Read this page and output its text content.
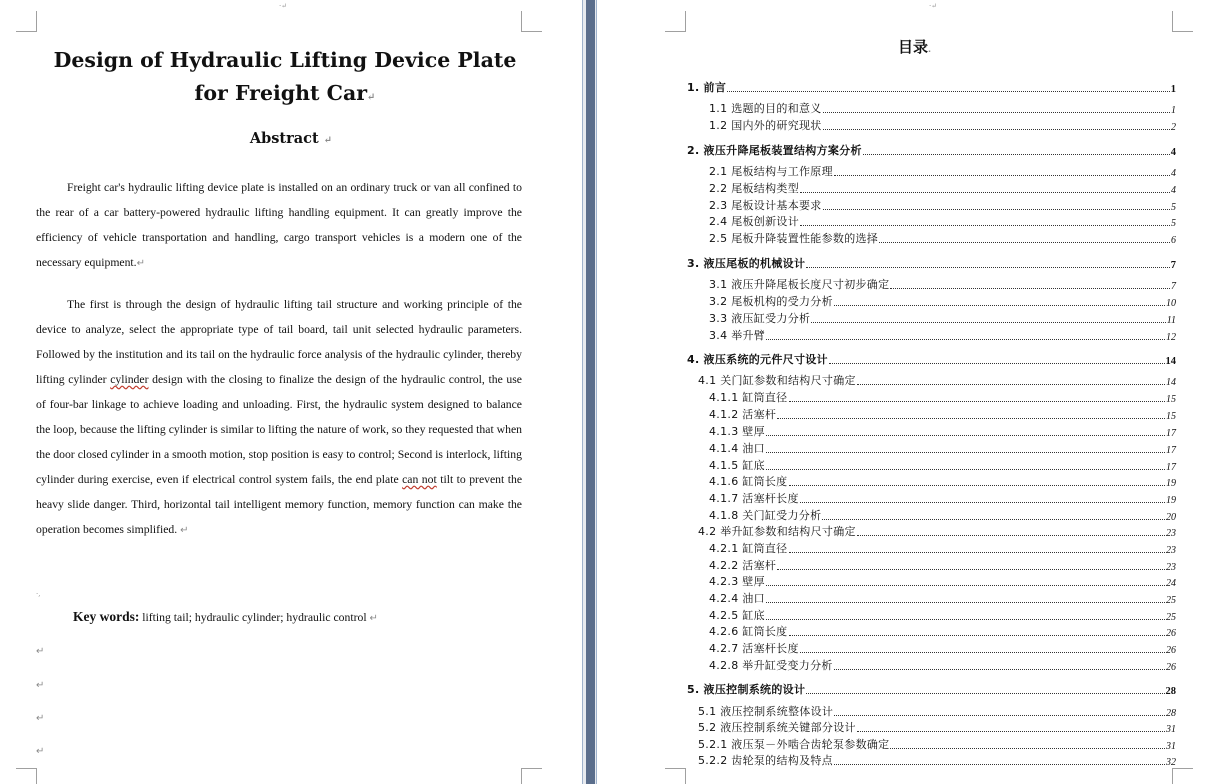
·↵
Design of Hydraulic Lifting Device Plate for Freight Car↵
Abstract ↵
Freight car's hydraulic lifting device plate is installed on an ordinary truck or van all confined to the rear of a car battery-powered hydraulic lifting handling equipment. It can greatly improve the efficiency of vehicle transportation and handling, cargo transport vehicles is a modern one of the necessary equipment.↵
The first is through the design of hydraulic lifting tail structure and working principle of the device to analyze, select the appropriate type of tail board, tail unit selected hydraulic parameters. Followed by the institution and its tail on the hydraulic force analysis of the hydraulic cylinder, thereby lifting cylinder cylinder design with the closing to finalize the design of the hydraulic control, the use of four-bar linkage to achieve loading and unloading. First, the hydraulic system designed to balance the loop, because the lifting cylinder is similar to lifting the nature of work, so they requested that when the door closed cylinder in a smooth motion, stop position is easy to control; Second is interlock, lifting cylinder during exercise, even if electrical control system fails, the end plate can not tilt to prevent the heavy slide danger. Third, horizontal tail intelligent memory function, memory function can make the operation becomes simplified. ↵
·,
Key words: lifting tail; hydraulic cylinder; hydraulic control ↵
↵
↵
↵
↵
·↵
目录.
1. 前言	1
1.1 选题的目的和意义	1
1.2 国内外的研究现状	2
2. 液压升降尾板装置结构方案分析	4
2.1 尾板结构与工作原理	4
2.2 尾板结构类型	4
2.3 尾板设计基本要求	5
2.4 尾板创新设计	5
2.5 尾板升降装置性能参数的选择	6
3. 液压尾板的机械设计	7
3.1 液压升降尾板长度尺寸初步确定	7
3.2 尾板机构的受力分析	10
3.3 液压缸受力分析	11
3.4 举升臂	12
4. 液压系统的元件尺寸设计	14
4.1 关门缸参数和结构尺寸确定	14
4.1.1 缸筒直径	15
4.1.2 活塞杆	15
4.1.3 壁厚	17
4.1.4 油口	17
4.1.5 缸底	17
4.1.6 缸筒长度	19
4.1.7 活塞杆长度	19
4.1.8 关门缸受力分析	20
4.2 举升缸参数和结构尺寸确定	23
4.2.1 缸筒直径	23
4.2.2 活塞杆	23
4.2.3 壁厚	24
4.2.4 油口	25
4.2.5 缸底	25
4.2.6 缸筒长度	26
4.2.7 活塞杆长度	26
4.2.8 举升缸受变力分析	26
5. 液压控制系统的设计	28
5.1 液压控制系统整体设计	28
5.2 液压控制系统关键部分设计	31
5.2.1 液压泵－外啮合齿轮泵参数确定	31
5.2.2 齿轮泵的结构及特点	32
